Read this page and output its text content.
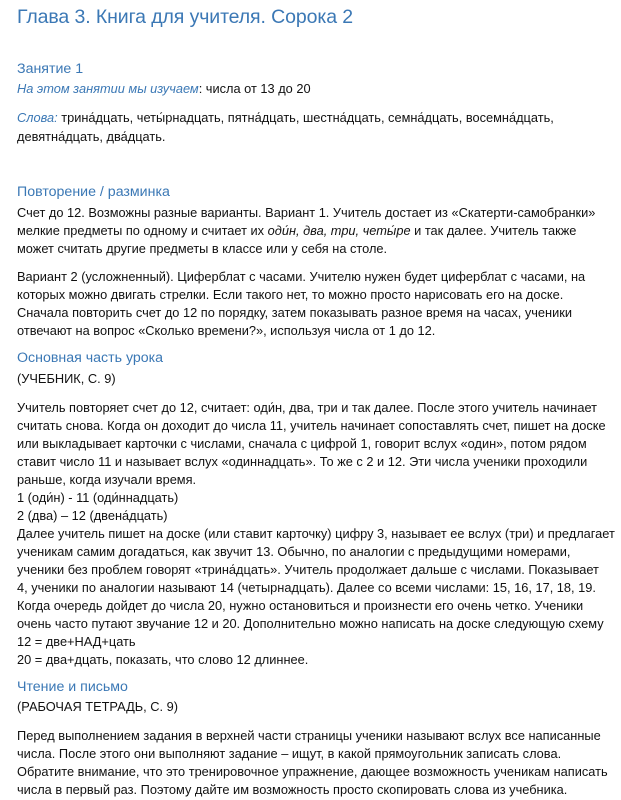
Глава 3. Книга для учителя. Сорока 2
Занятие 1
На этом занятии мы изучаем: числа от 13 до 20
Слова: трина́дцать, четы́рнадцать, пятна́дцать, шестна́дцать, семна́дцать, восемна́дцать,
девятна́дцать, два́дцать.
Повторение / разминка
Счет до 12. Возможны разные варианты. Вариант 1. Учитель достает из «Скатерти-самобранки»
мелкие предметы по одному и считает их оди́н, два, три, четы́ре и так далее. Учитель также
может считать другие предметы в классе или у себя на столе.
Вариант 2 (усложненный). Циферблат с часами. Учителю нужен будет циферблат с часами, на
которых можно двигать стрелки. Если такого нет, то можно просто нарисовать его на доске.
Сначала повторить счет до 12 по порядку, затем показывать разное время на часах, ученики
отвечают на вопрос «Сколько времени?», используя числа от 1 до 12.
Основная часть урока
(УЧЕБНИК, С. 9)
Учитель повторяет счет до 12, считает: оди́н, два, три и так далее. После этого учитель начинает
считать снова. Когда он доходит до числа 11, учитель начинает сопоставлять счет, пишет на доске
или выкладывает карточки с числами, сначала с цифрой 1, говорит вслух «один», потом рядом
ставит число 11 и называет вслух «одиннадцать». То же с 2 и 12. Эти числа ученики проходили
раньше, когда изучали время.
1 (оди́н) - 11 (оди́ннадцать)
2 (два) – 12 (двена́дцать)
Далее учитель пишет на доске (или ставит карточку) цифру 3, называет ее вслух (три) и предлагает
ученикам самим догадаться, как звучит 13. Обычно, по аналогии с предыдущими номерами,
ученики без проблем говорят «трина́дцать». Учитель продолжает дальше с числами. Показывает
4, ученики по аналогии называют 14 (четырнадцать). Далее со всеми числами: 15, 16, 17, 18, 19.
Когда очередь дойдет до числа 20, нужно остановиться и произнести его очень четко. Ученики
очень часто путают звучание 12 и 20. Дополнительно можно написать на доске следующую схему
12 = две+НАД+цать
20 = два+дцать, показать, что слово 12 длиннее.
Чтение и письмо
(РАБОЧАЯ ТЕТРАДЬ, С. 9)
Перед выполнением задания в верхней части страницы ученики называют вслух все написанные
числа. После этого они выполняют задание – ищут, в какой прямоугольник записать слова.
Обратите внимание, что это тренировочное упражнение, дающее возможность ученикам написать
числа в первый раз. Поэтому дайте им возможность просто скопировать слова из учебника.
